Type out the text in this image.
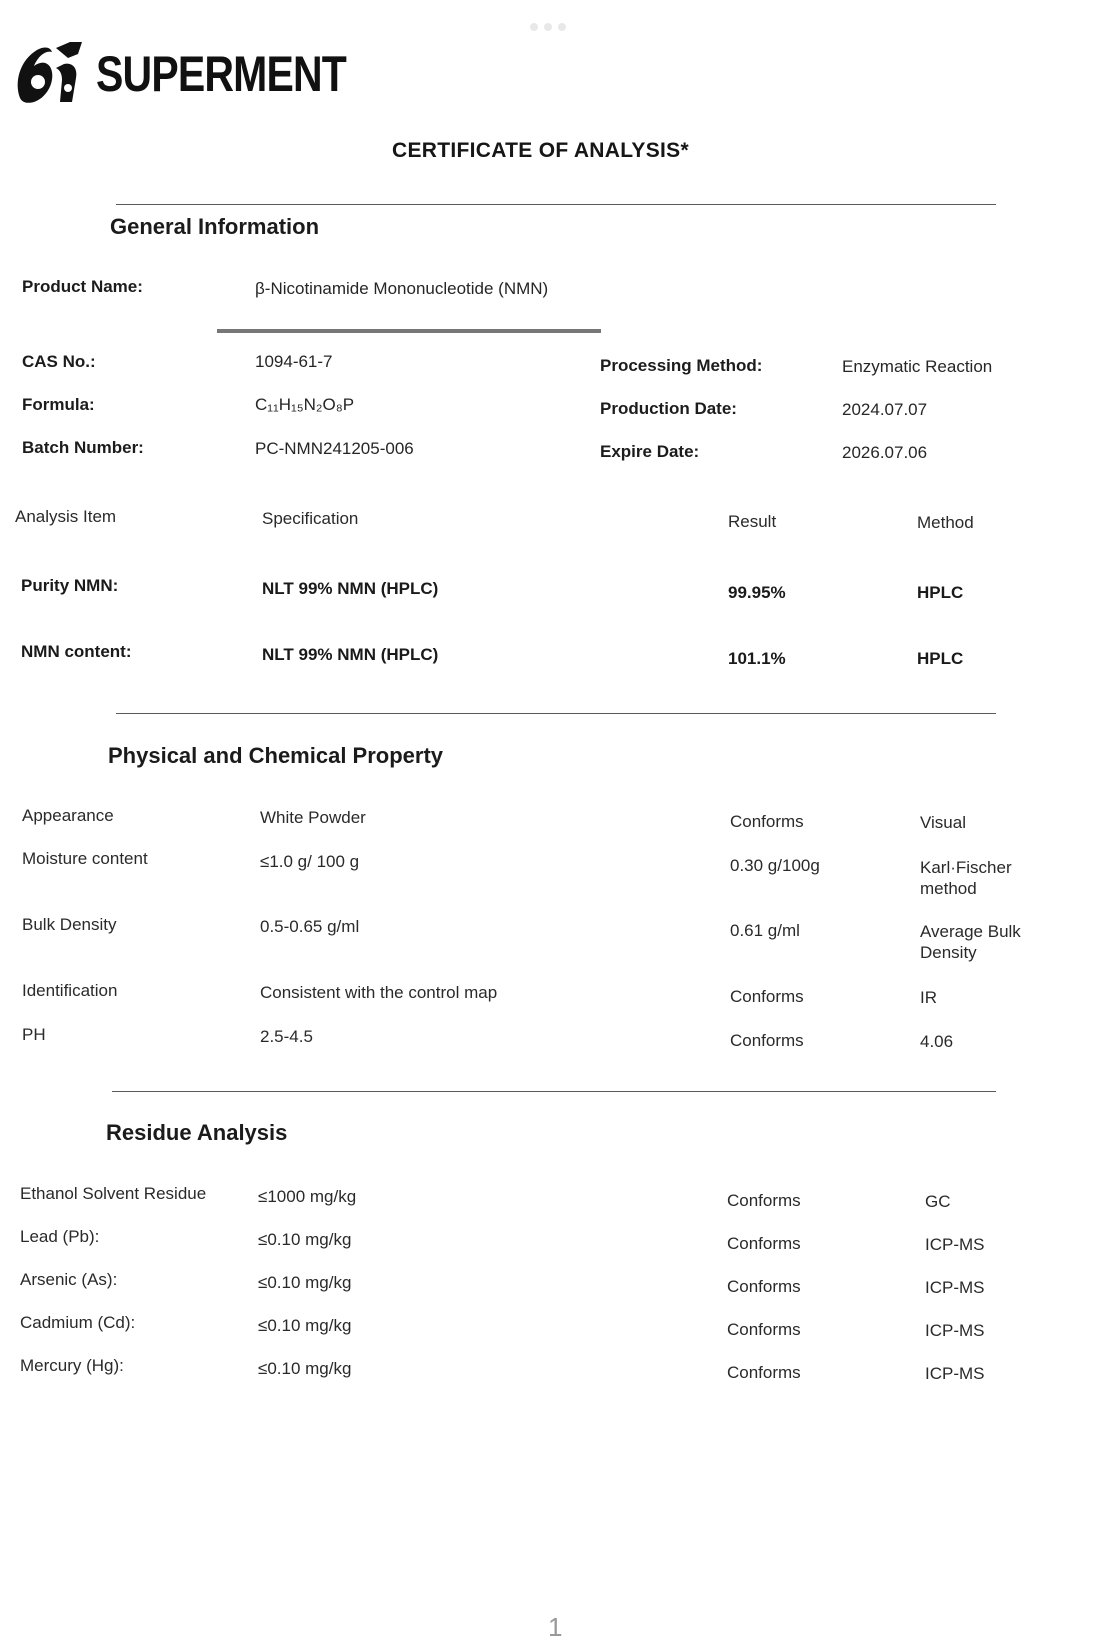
SUPERMENT
CERTIFICATE OF ANALYSIS*
General Information
Product Name:	β-Nicotinamide Mononucleotide (NMN)
CAS No.:	1094-61-7	Processing Method:	Enzymatic Reaction
Formula:	C₁₁H₁₅N₂O₈P	Production Date:	2024.07.07
Batch Number:	PC-NMN241205-006	Expire Date:	2026.07.06
Analysis Item	Specification	Result	Method
Purity NMN:	NLT 99% NMN (HPLC)	99.95%	HPLC
NMN content:	NLT 99% NMN (HPLC)	101.1%	HPLC
Physical and Chemical Property
Appearance	White Powder	Conforms	Visual
Moisture content	≤1.0 g/ 100 g	0.30 g/100g	Karl·Fischer method
Bulk Density	0.5-0.65 g/ml	0.61 g/ml	Average Bulk Density
Identification	Consistent with the control map	Conforms	IR
PH	2.5-4.5	Conforms	4.06
Residue Analysis
Ethanol Solvent Residue	≤1000 mg/kg	Conforms	GC
Lead (Pb):	≤0.10 mg/kg	Conforms	ICP-MS
Arsenic (As):	≤0.10 mg/kg	Conforms	ICP-MS
Cadmium (Cd):	≤0.10 mg/kg	Conforms	ICP-MS
Mercury (Hg):	≤0.10 mg/kg	Conforms	ICP-MS
1
